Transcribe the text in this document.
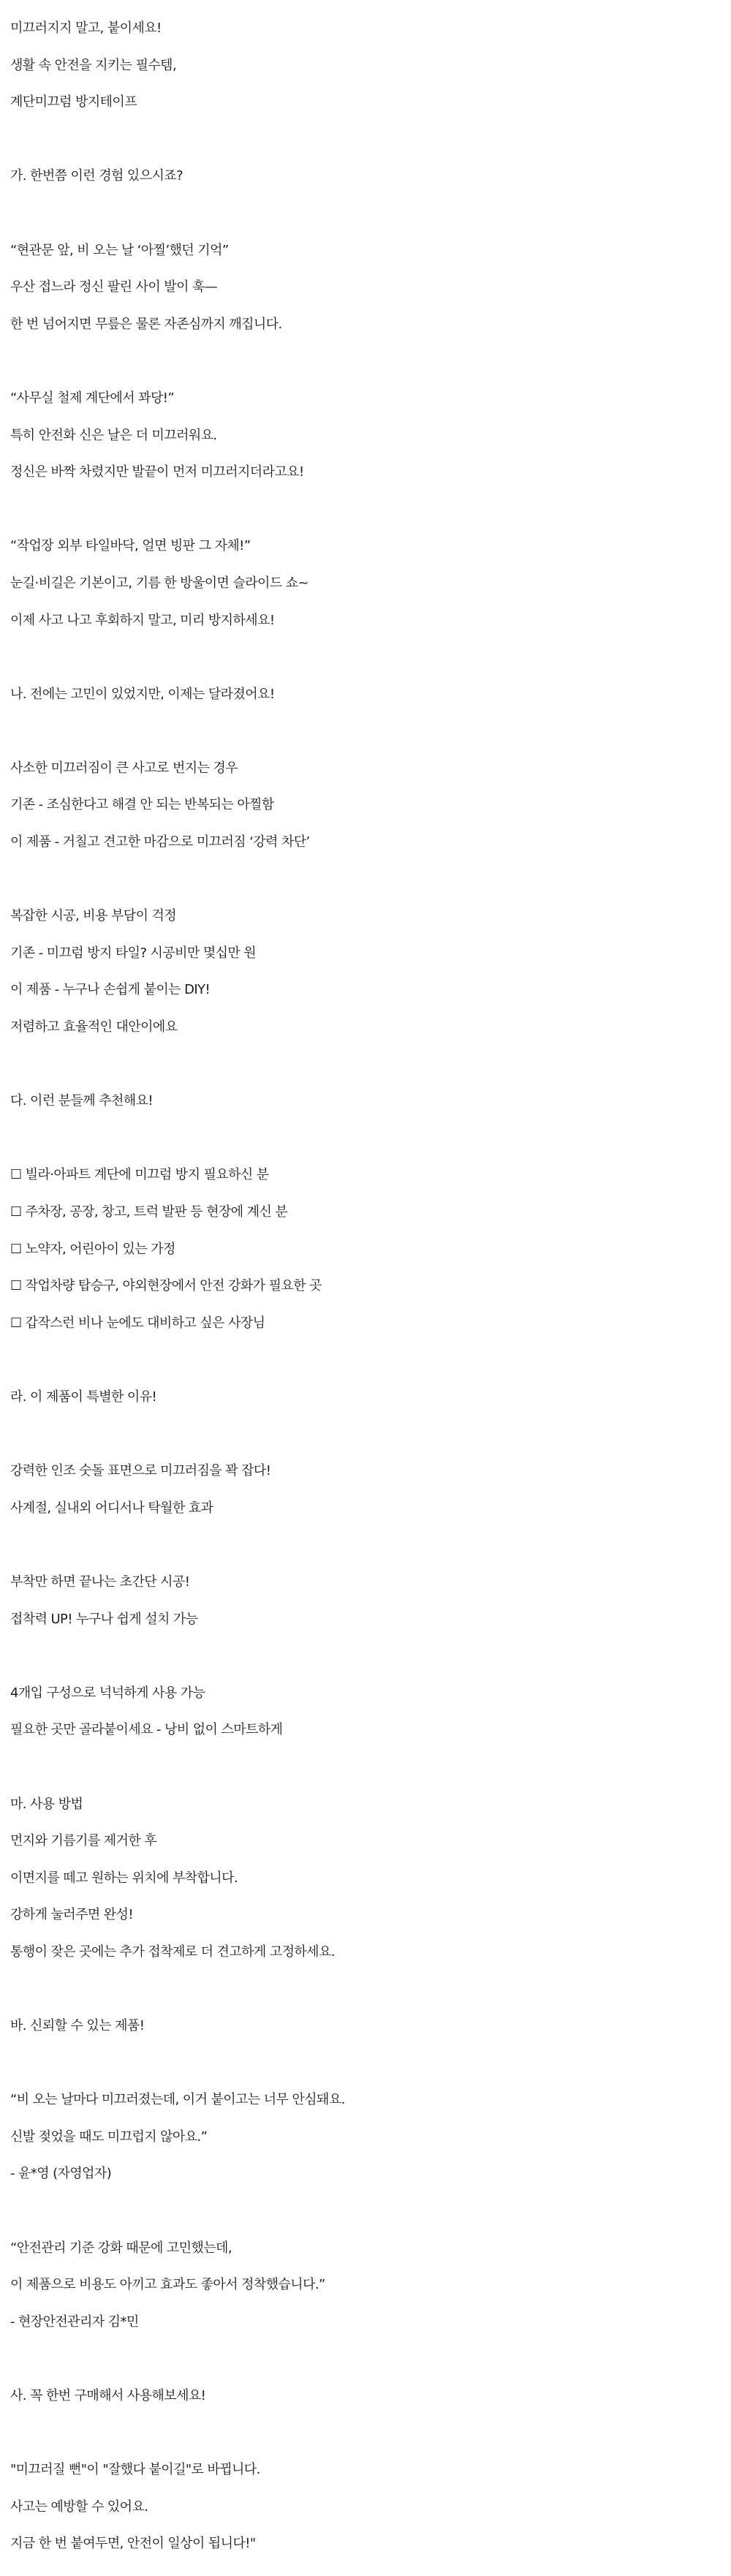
미끄러지지 말고, 붙이세요!
생활 속 안전을 지키는 필수템,
계단미끄럼 방지테이프
가. 한번쯤 이런 경험 있으시죠?
“현관문 앞, 비 오는 날 ‘아찔’했던 기억”
우산 접느라 정신 팔린 사이 발이 훅—
한 번 넘어지면 무릎은 물론 자존심까지 깨집니다.
“사무실 철제 계단에서 꽈당!”
특히 안전화 신은 날은 더 미끄러워요.
정신은 바짝 차렸지만 발끝이 먼저 미끄러지더라고요!
“작업장 외부 타일바닥, 얼면 빙판 그 자체!”
눈길·비길은 기본이고, 기름 한 방울이면 슬라이드 쇼~
이제 사고 나고 후회하지 말고, 미리 방지하세요!
나. 전에는 고민이 있었지만, 이제는 달라졌어요!
사소한 미끄러짐이 큰 사고로 번지는 경우
기존 - 조심한다고 해결 안 되는 반복되는 아찔함
이 제품 - 거칠고 견고한 마감으로 미끄러짐 ‘강력 차단’
복잡한 시공, 비용 부담이 걱정
기존 - 미끄럼 방지 타일? 시공비만 몇십만 원
이 제품 - 누구나 손쉽게 붙이는 DIY!
저렴하고 효율적인 대안이에요
다. 이런 분들께 추천해요!
☐ 빌라·아파트 계단에 미끄럼 방지 필요하신 분
☐ 주차장, 공장, 창고, 트럭 발판 등 현장에 계신 분
☐ 노약자, 어린아이 있는 가정
☐ 작업차량 탑승구, 야외현장에서 안전 강화가 필요한 곳
☐ 갑작스런 비나 눈에도 대비하고 싶은 사장님
라. 이 제품이 특별한 이유!
강력한 인조 숫돌 표면으로 미끄러짐을 꽉 잡다!
사계절, 실내외 어디서나 탁월한 효과
부착만 하면 끝나는 초간단 시공!
접착력 UP! 누구나 쉽게 설치 가능
4개입 구성으로 넉넉하게 사용 가능
필요한 곳만 골라붙이세요 - 낭비 없이 스마트하게
마. 사용 방법
먼지와 기름기를 제거한 후
이면지를 떼고 원하는 위치에 부착합니다.
강하게 눌러주면 완성!
통행이 잦은 곳에는 추가 접착제로 더 견고하게 고정하세요.
바. 신뢰할 수 있는 제품!
“비 오는 날마다 미끄러졌는데, 이거 붙이고는 너무 안심돼요.
신발 젖었을 때도 미끄럽지 않아요.”
- 윤*영 (자영업자)
“안전관리 기준 강화 때문에 고민했는데,
이 제품으로 비용도 아끼고 효과도 좋아서 정착했습니다.”
- 현장안전관리자 김*민
사. 꼭 한번 구매해서 사용해보세요!
"미끄러질 뻔"이 "잘했다 붙이길"로 바뀝니다.
사고는 예방할 수 있어요.
지금 한 번 붙여두면, 안전이 일상이 됩니다!"
